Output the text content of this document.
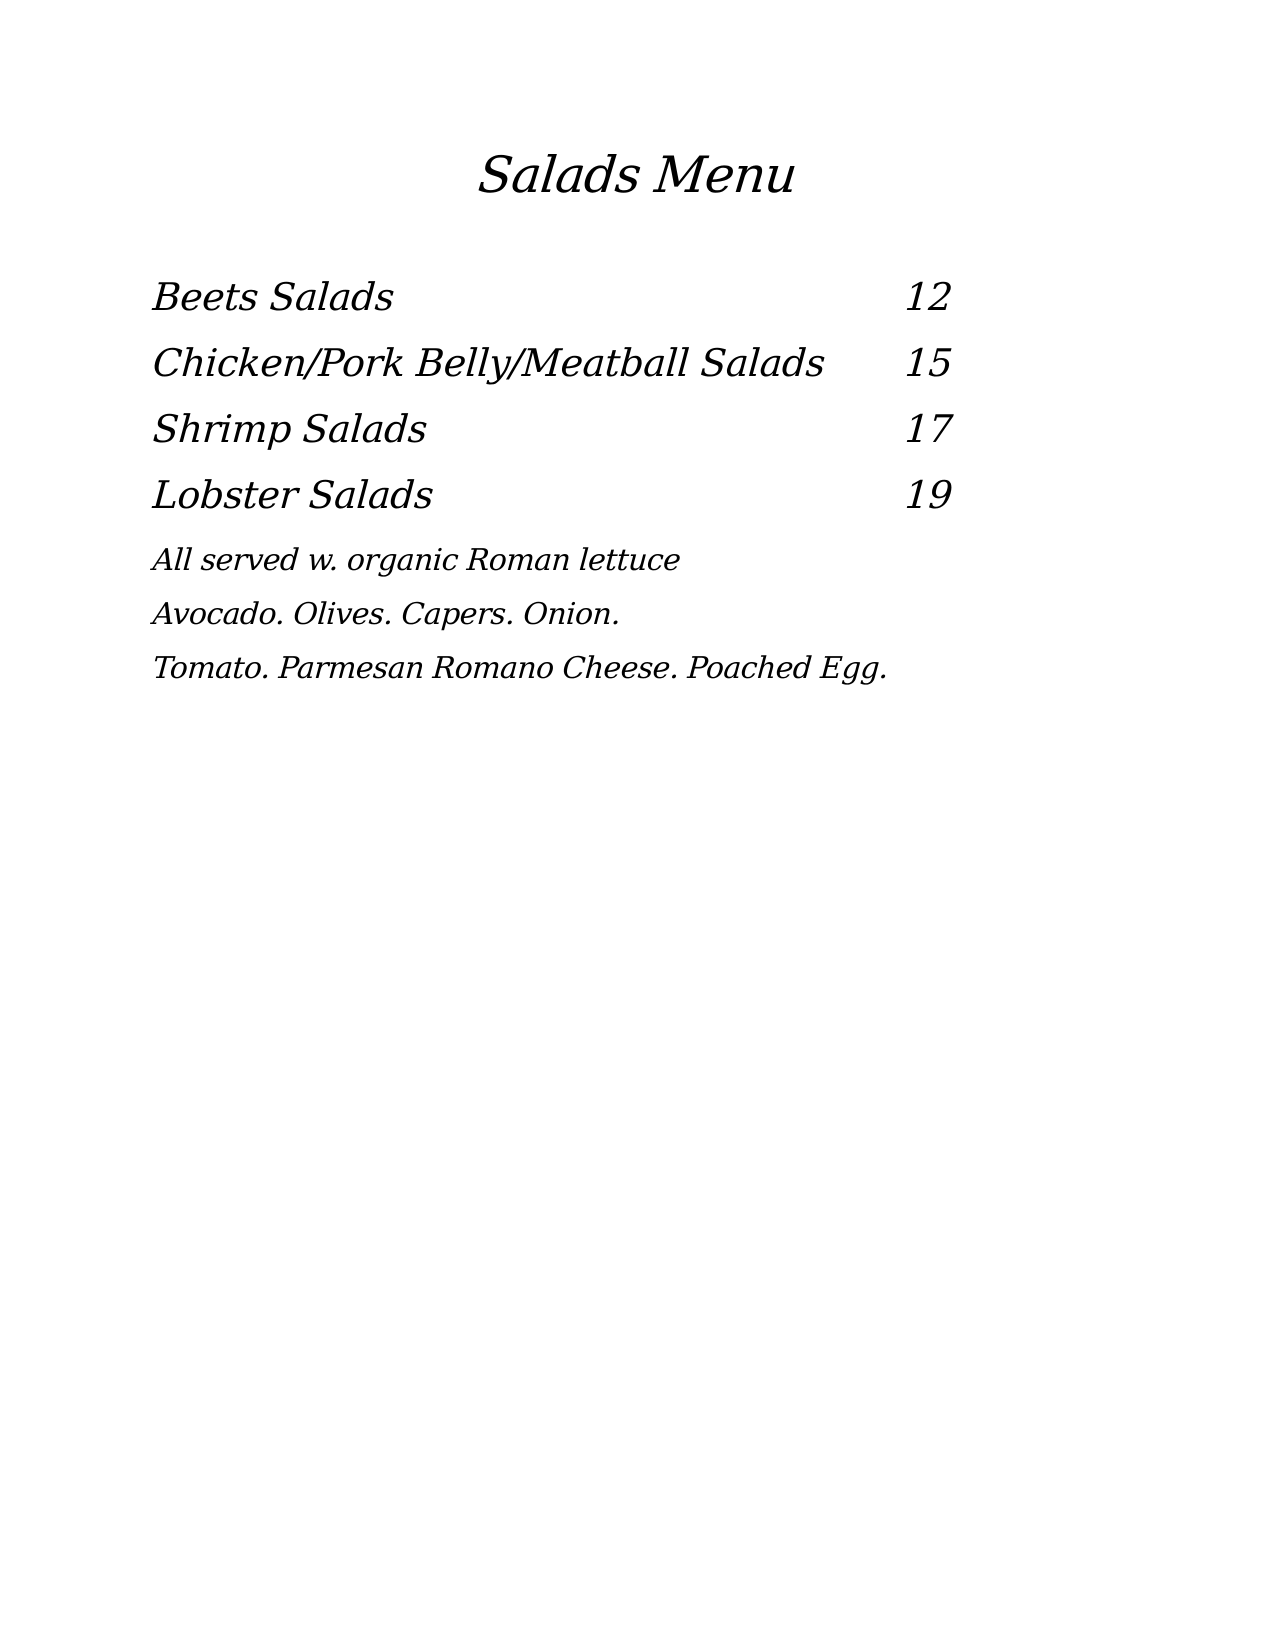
Salads Menu
Beets Salads	12
Chicken/Pork Belly/Meatball Salads 15
Shrimp Salads	17
Lobster Salads	19
All served w. organic Roman lettuce
Avocado. Olives. Capers. Onion.
Tomato. Parmesan Romano Cheese. Poached Egg.
